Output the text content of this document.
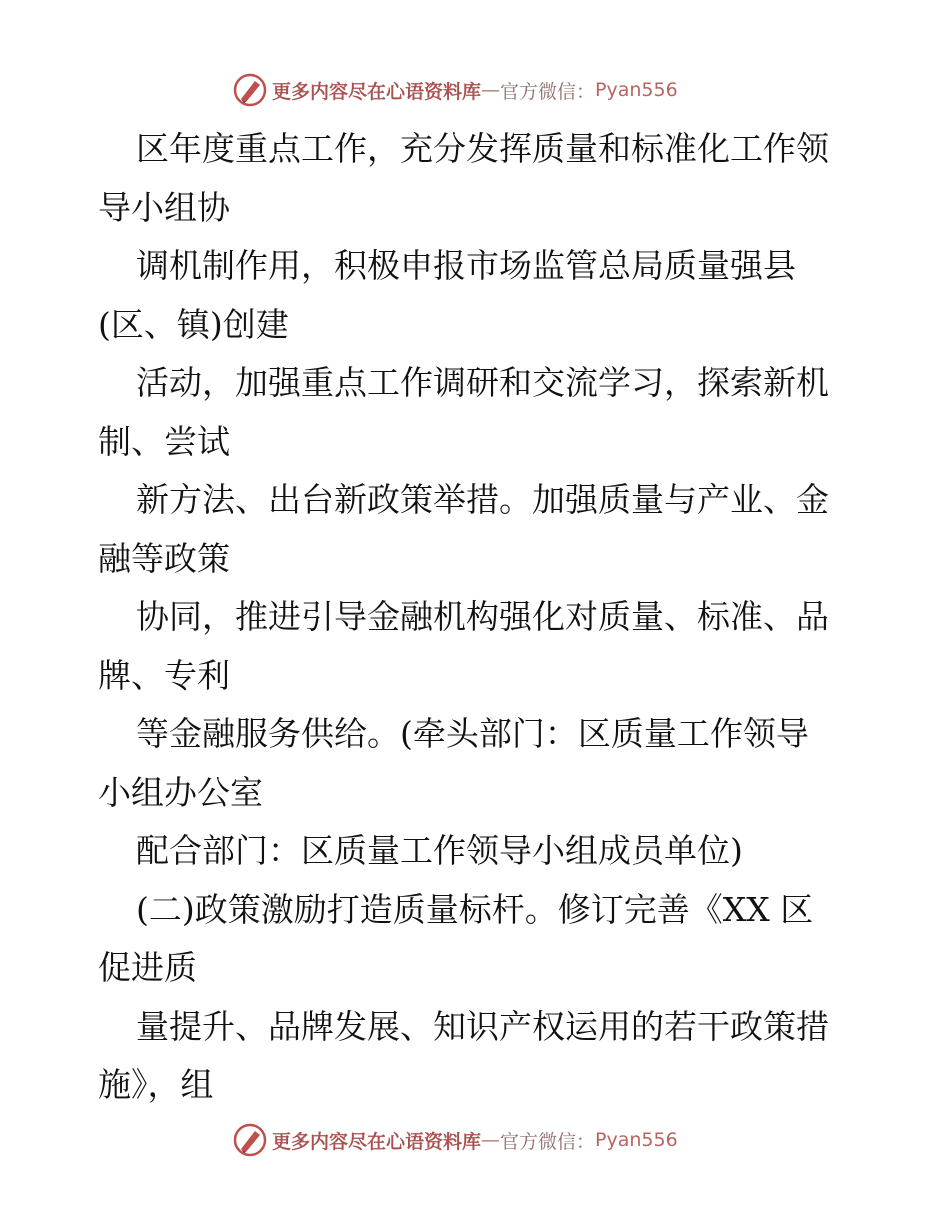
更多内容尽在心语资料库 — 官方微信： Pyan556
区年度重点工作，充分发挥质量和标准化工作领
导小组协
调机制作用，积极申报市场监管总局质量强县
(区、镇)创建
活动，加强重点工作调研和交流学习，探索新机
制、尝试
新方法、出台新政策举措。加强质量与产业、金
融等政策
协同，推进引导金融机构强化对质量、标准、品
牌、专利
等金融服务供给。(牵头部门：区质量工作领导
小组办公室
配合部门：区质量工作领导小组成员单位)
(二)政策激励打造质量标杆。修订完善《XX 区
促进质
量提升、品牌发展、知识产权运用的若干政策措
施》，组
更多内容尽在心语资料库 — 官方微信： Pyan556
